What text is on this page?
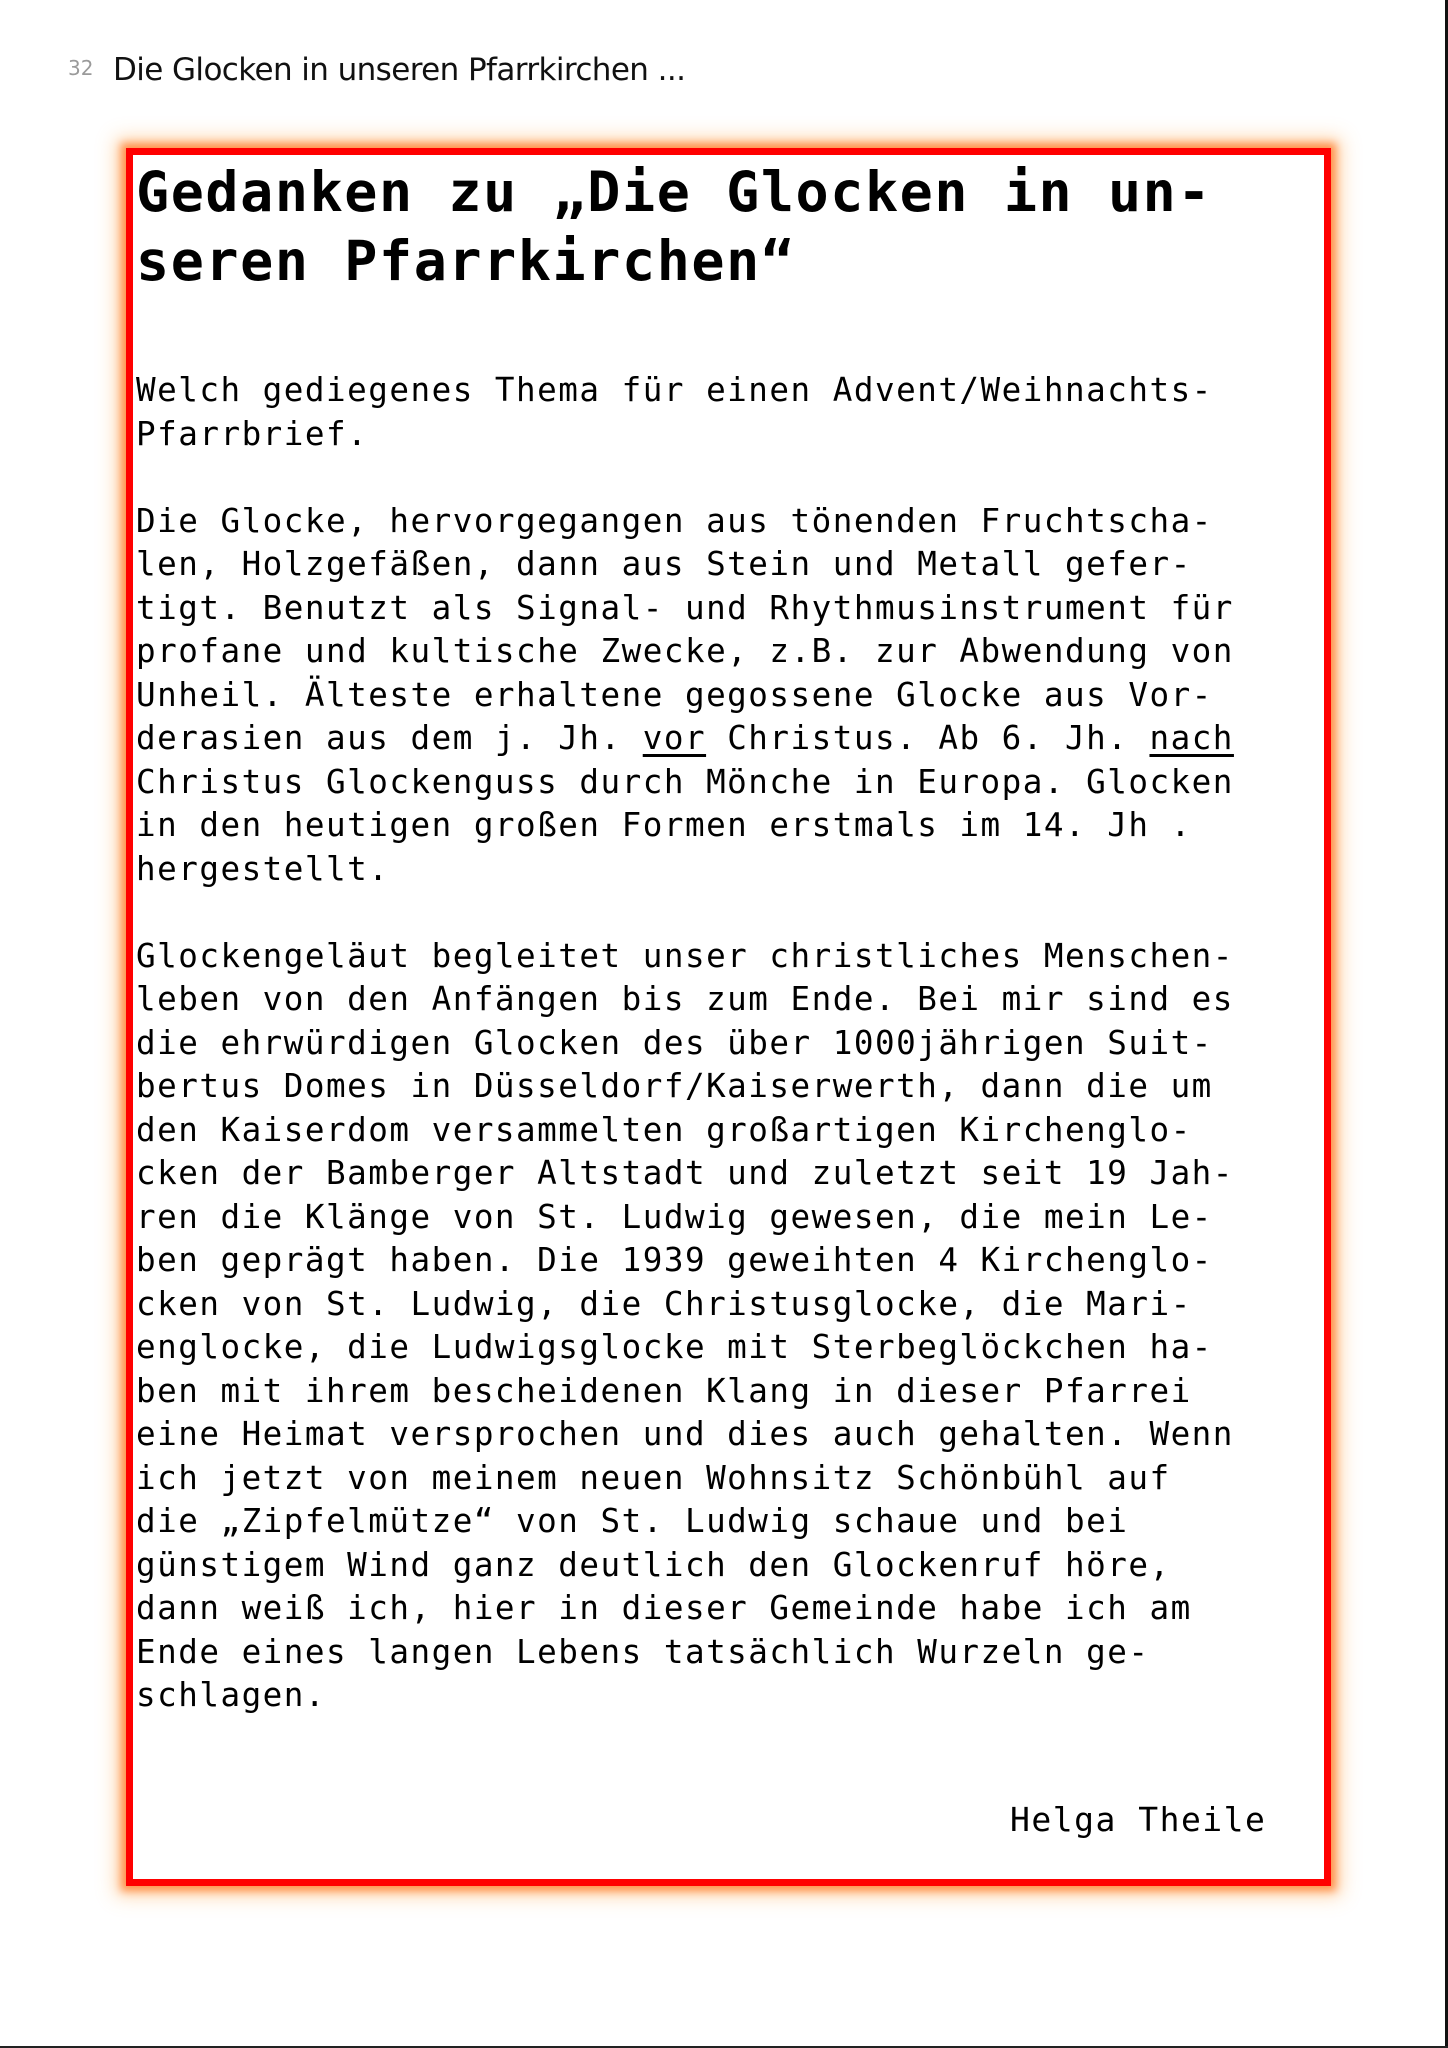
32 Die Glocken in unseren Pfarrkirchen ...
Gedanken zu „Die Glocken in un-
seren Pfarrkirchen“
Welch gediegenes Thema für einen Advent/Weihnachts-
Pfarrbrief.
Die Glocke, hervorgegangen aus tönenden Fruchtscha-
len, Holzgefäßen, dann aus Stein und Metall gefer-
tigt. Benutzt als Signal- und Rhythmusinstrument für
profane und kultische Zwecke, z.B. zur Abwendung von
Unheil. Älteste erhaltene gegossene Glocke aus Vor-
derasien aus dem j. Jh. vor Christus. Ab 6. Jh. nach
Christus Glockenguss durch Mönche in Europa. Glocken
in den heutigen großen Formen erstmals im 14. Jh .
hergestellt.
Glockengeläut begleitet unser christliches Menschen-
leben von den Anfängen bis zum Ende. Bei mir sind es
die ehrwürdigen Glocken des über 1000jährigen Suit-
bertus Domes in Düsseldorf/Kaiserwerth, dann die um
den Kaiserdom versammelten großartigen Kirchenglo-
cken der Bamberger Altstadt und zuletzt seit 19 Jah-
ren die Klänge von St. Ludwig gewesen, die mein Le-
ben geprägt haben. Die 1939 geweihten 4 Kirchenglo-
cken von St. Ludwig, die Christusglocke, die Mari-
englocke, die Ludwigsglocke mit Sterbeglöckchen ha-
ben mit ihrem bescheidenen Klang in dieser Pfarrei
eine Heimat versprochen und dies auch gehalten. Wenn
ich jetzt von meinem neuen Wohnsitz Schönbühl auf
die „Zipfelmütze“ von St. Ludwig schaue und bei
günstigem Wind ganz deutlich den Glockenruf höre,
dann weiß ich, hier in dieser Gemeinde habe ich am
Ende eines langen Lebens tatsächlich Wurzeln ge-
schlagen.
Helga Theile
